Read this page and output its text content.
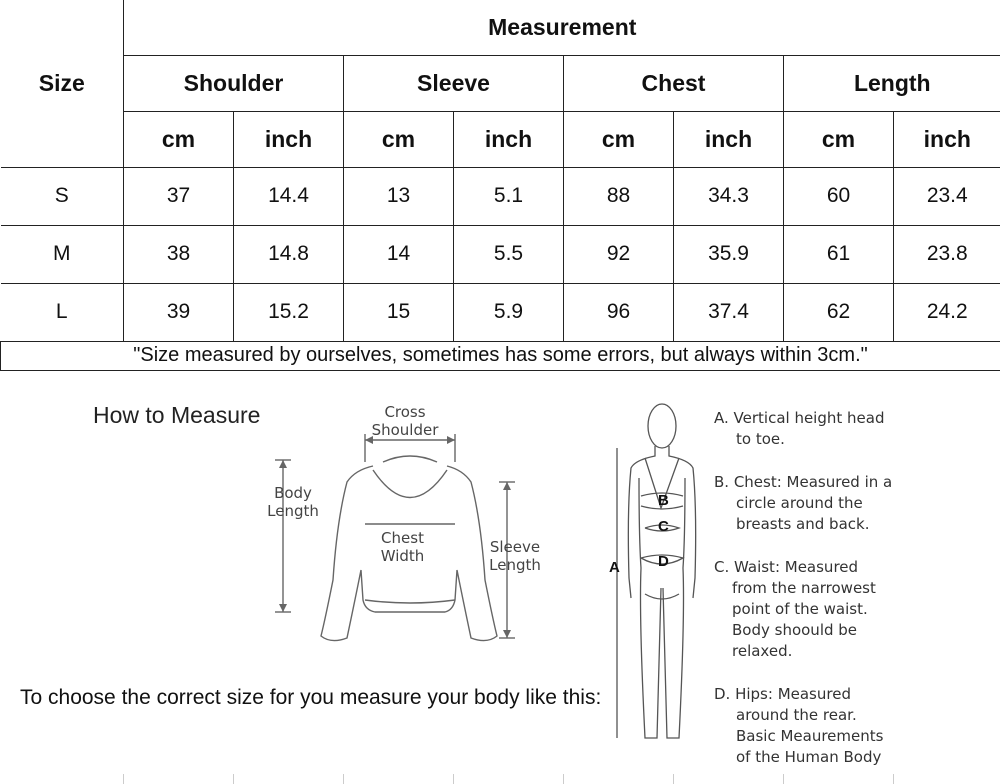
Size	Measurement							
	Shoulder		Sleeve		Chest		Length	
	cm	inch	cm	inch	cm	inch	cm	inch
S	37	14.4	13	5.1	88	34.3	60	23.4
M	38	14.8	14	5.5	92	35.9	61	23.8
L	39	15.2	15	5.9	96	37.4	62	24.2
"Size measured by ourselves, sometimes has some errors, but always within 3cm."								
How to Measure	Cross
Shoulder
Body
Length
Chest
Width	Sleeve
Length
B
C
D
A
A. Vertical height head
to toe.
B. Chest: Measured in a
circle around the
breasts and back.
C. Waist: Measured
from the narrowest
point of the waist.
Body shoould be
relaxed.
D. Hips: Measured
around the rear.
Basic Meaurements
of the Human Body
To choose the correct size for you measure your body like this:
